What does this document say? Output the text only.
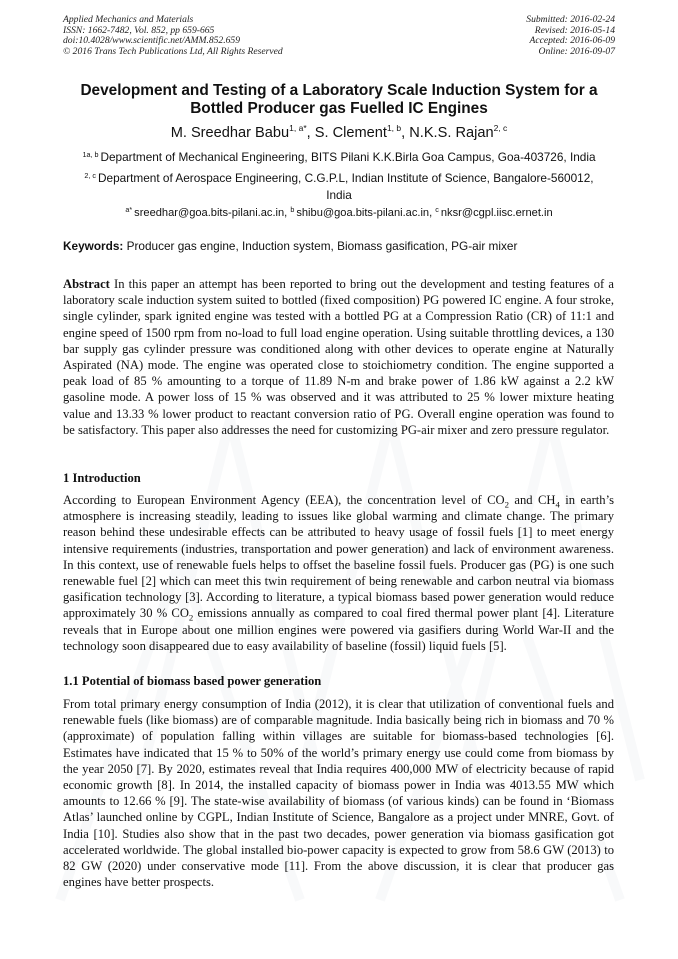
Applied Mechanics and Materials
ISSN: 1662-7482, Vol. 852, pp 659-665
doi:10.4028/www.scientific.net/AMM.852.659
© 2016 Trans Tech Publications Ltd, All Rights Reserved
Submitted: 2016-02-24
Revised: 2016-05-14
Accepted: 2016-06-09
Online: 2016-09-07
Development and Testing of a Laboratory Scale Induction System for a
Bottled Producer gas Fuelled IC Engines
M. Sreedhar Babu$^{1, a*}$, S. Clement$^{1, b}$, N.K.S. Rajan$^{2, c}$
$^{1a, b}$ Department of Mechanical Engineering, BITS Pilani K.K.Birla Goa Campus, Goa-403726, India
$^{2, c}$ Department of Aerospace Engineering, C.G.P.L, Indian Institute of Science, Bangalore-560012, India
$^{a*}$ sreedhar@goa.bits-pilani.ac.in, $^b$ shibu@goa.bits-pilani.ac.in, $^c$ nksr@cgpl.iisc.ernet.in
Keywords: Producer gas engine, Induction system, Biomass gasification, PG-air mixer
Abstract In this paper an attempt has been reported to bring out the development and testing features of a laboratory scale induction system suited to bottled (fixed composition) PG powered IC engine. A four stroke, single cylinder, spark ignited engine was tested with a bottled PG at a Compression Ratio (CR) of 11:1 and engine speed of 1500 rpm from no-load to full load engine operation. Using suitable throttling devices, a 130 bar supply gas cylinder pressure was conditioned along with other devices to operate engine at Naturally Aspirated (NA) mode. The engine was operated close to stoichiometry condition. The engine supported a peak load of 85 % amounting to a torque of 11.89 N-m and brake power of 1.86 kW against a 2.2 kW gasoline mode. A power loss of 15 % was observed and it was attributed to 25 % lower mixture heating value and 13.33 % lower product to reactant conversion ratio of PG. Overall engine operation was found to be satisfactory. This paper also addresses the need for customizing PG-air mixer and zero pressure regulator.
1 Introduction
According to European Environment Agency (EEA), the concentration level of $CO_2$ and $CH_4$ in earth’s atmosphere is increasing steadily, leading to issues like global warming and climate change. The primary reason behind these undesirable effects can be attributed to heavy usage of fossil fuels [1] to meet energy intensive requirements (industries, transportation and power generation) and lack of environment awareness. In this context, use of renewable fuels helps to offset the baseline fossil fuels. Producer gas (PG) is one such renewable fuel [2] which can meet this twin requirement of being renewable and carbon neutral via biomass gasification technology [3]. According to literature, a typical biomass based power generation would reduce approximately 30 % $CO_2$ emissions annually as compared to coal fired thermal power plant [4]. Literature reveals that in Europe about one million engines were powered via gasifiers during World War-II and the technology soon disappeared due to easy availability of baseline (fossil) liquid fuels [5].
1.1 Potential of biomass based power generation
From total primary energy consumption of India (2012), it is clear that utilization of conventional fuels and renewable fuels (like biomass) are of comparable magnitude. India basically being rich in biomass and 70 % (approximate) of population falling within villages are suitable for biomass-based technologies [6]. Estimates have indicated that 15 % to 50% of the world’s primary energy use could come from biomass by the year 2050 [7]. By 2020, estimates reveal that India requires 400,000 MW of electricity because of rapid economic growth [8]. In 2014, the installed capacity of biomass power in India was 4013.55 MW which amounts to 12.66 % [9]. The state-wise availability of biomass (of various kinds) can be found in ‘Biomass Atlas’ launched online by CGPL, Indian Institute of Science, Bangalore as a project under MNRE, Govt. of India [10]. Studies also show that in the past two decades, power generation via biomass gasification got accelerated worldwide. The global installed bio-power capacity is expected to grow from 58.6 GW (2013) to 82 GW (2020) under conservative mode [11]. From the above discussion, it is clear that producer gas engines have better prospects.
